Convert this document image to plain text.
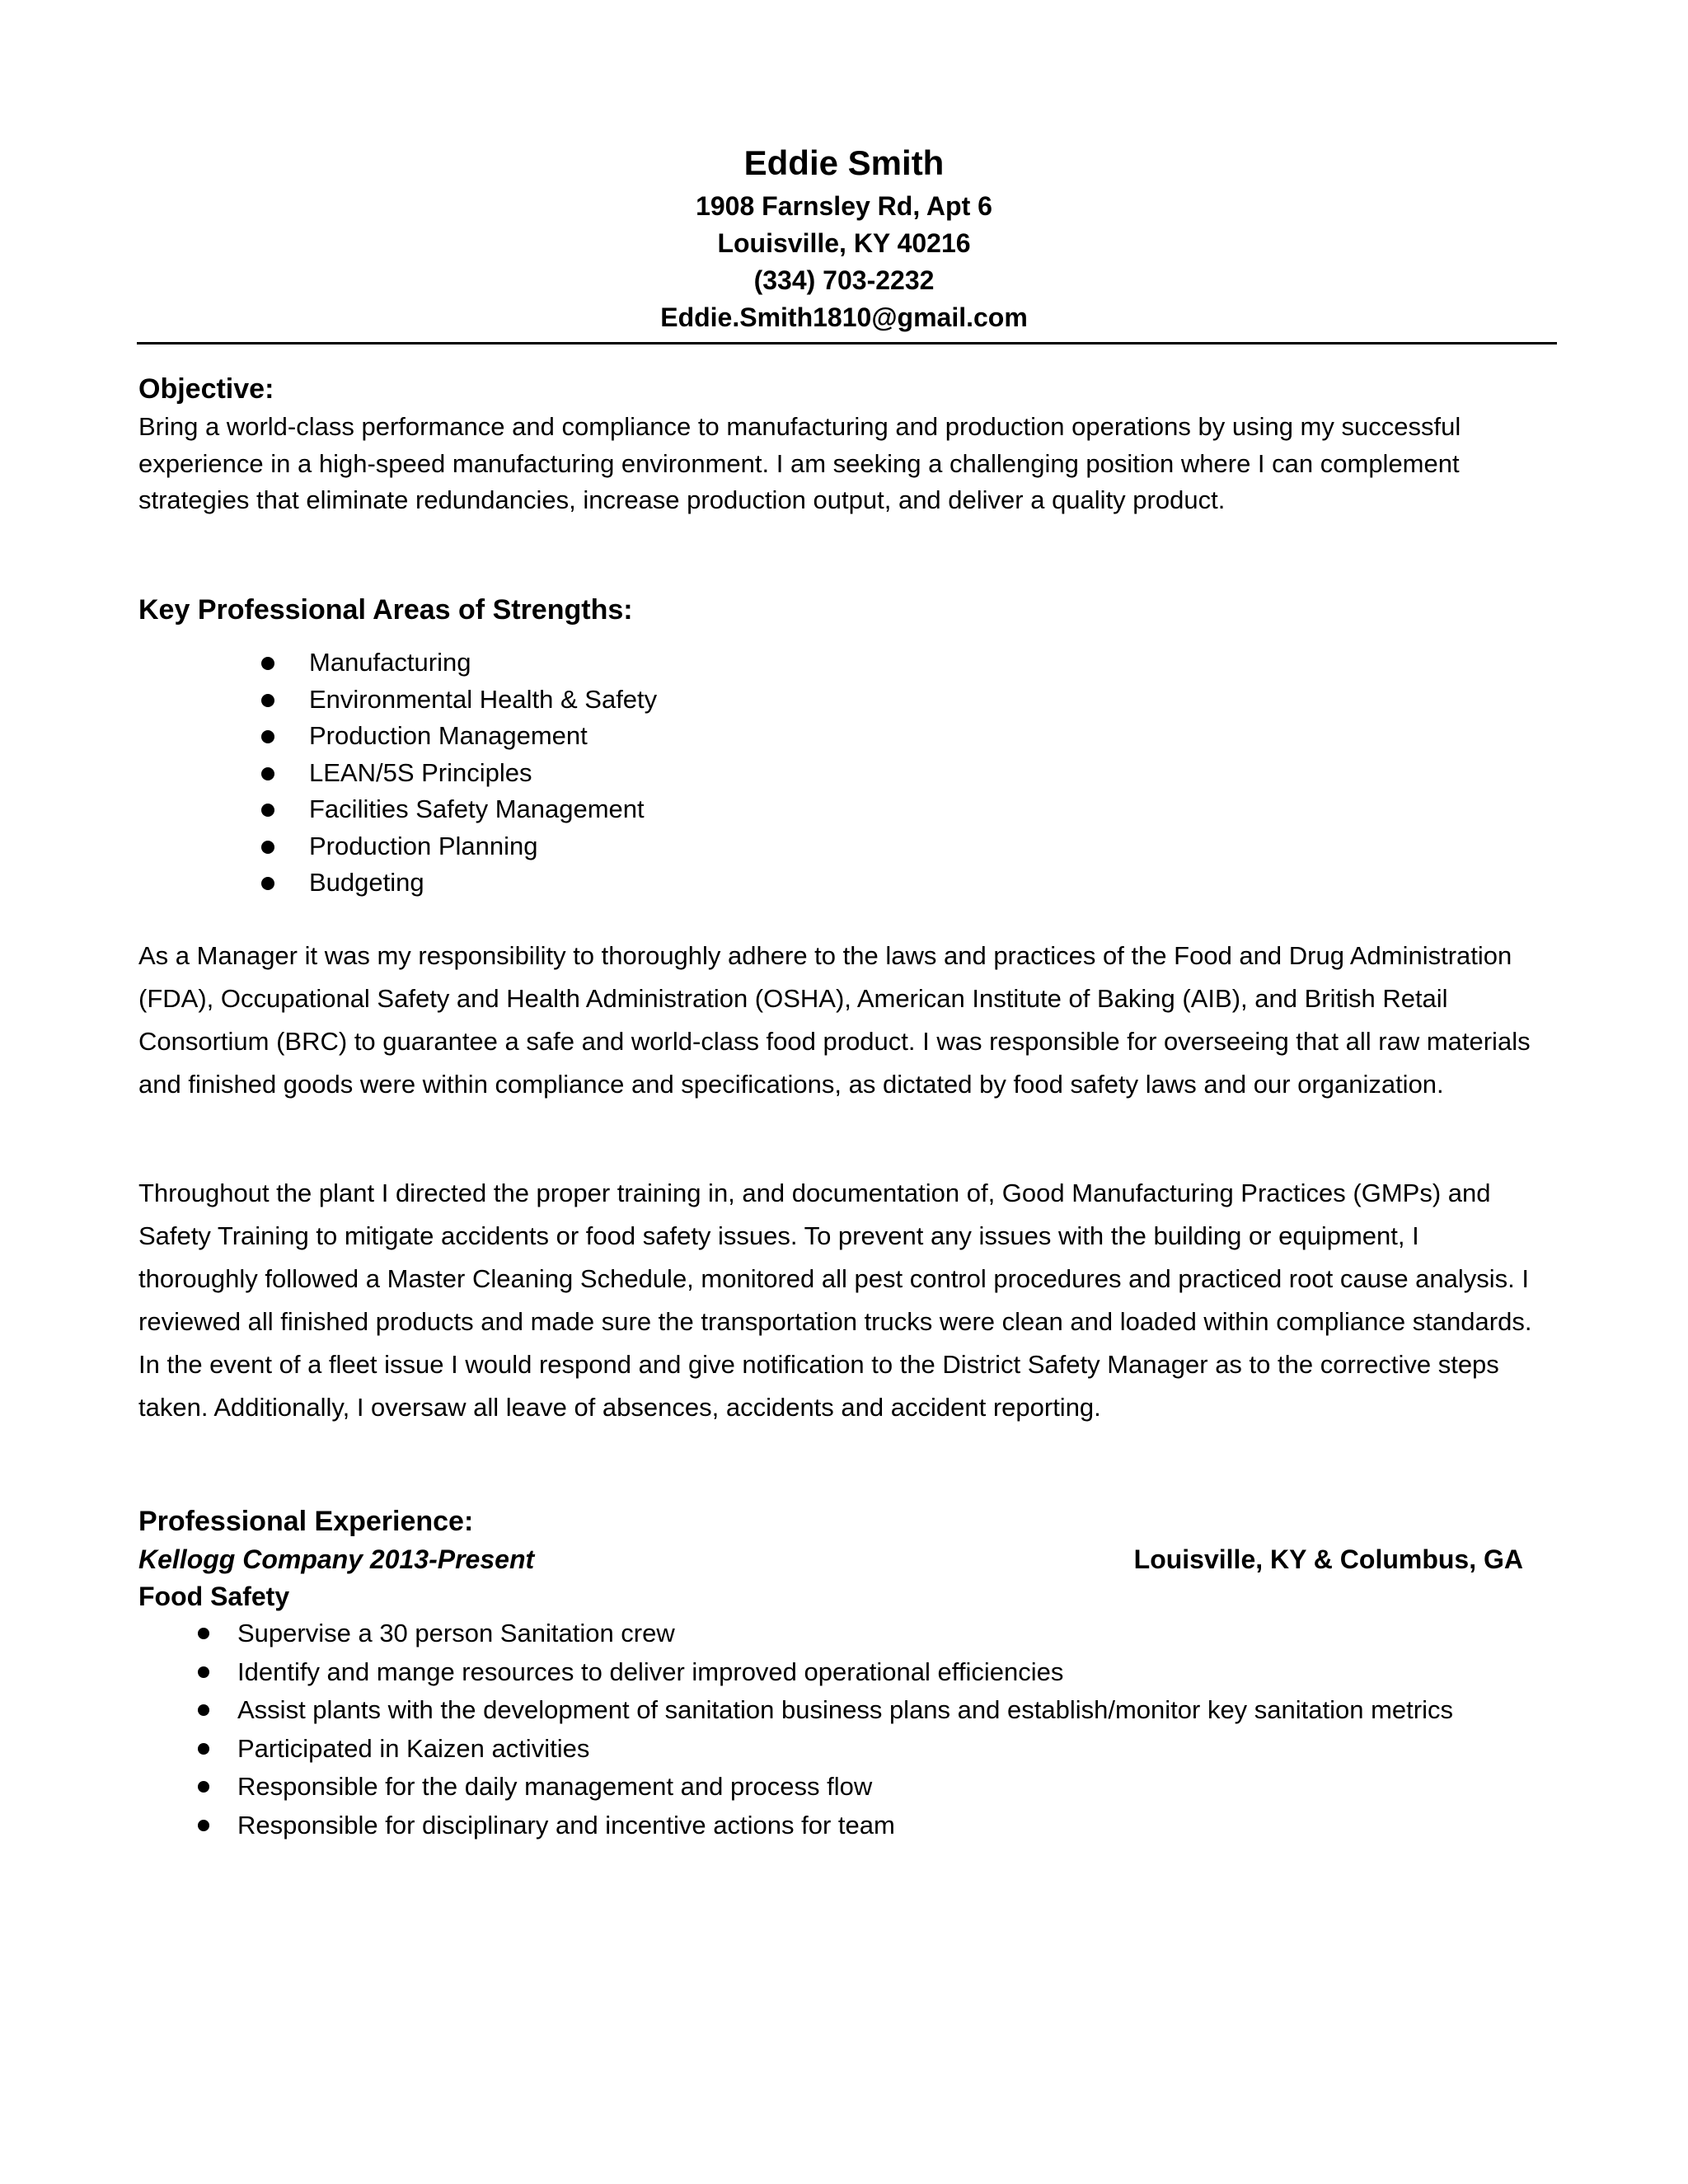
Eddie Smith
1908 Farnsley Rd, Apt 6
Louisville, KY 40216
(334) 703-2232
Eddie.Smith1810@gmail.com
Objective:

Bring a world-class performance and compliance to manufacturing and production operations by using my successful experience in a high-speed manufacturing environment. I am seeking a challenging position where I can complement strategies that eliminate redundancies, increase production output, and deliver a quality product.

Key Professional Areas of Strengths:
Manufacturing
Environmental Health & Safety
Production Management
LEAN/5S Principles
Facilities Safety Management
Production Planning
Budgeting

As a Manager it was my responsibility to thoroughly adhere to the laws and practices of the Food and Drug Administration (FDA), Occupational Safety and Health Administration (OSHA), American Institute of Baking (AIB), and British Retail Consortium (BRC) to guarantee a safe and world-class food product. I was responsible for overseeing that all raw materials and finished goods were within compliance and specifications, as dictated by food safety laws and our organization.

Throughout the plant I directed the proper training in, and documentation of, Good Manufacturing Practices (GMPs) and Safety Training to mitigate accidents or food safety issues. To prevent any issues with the building or equipment, I thoroughly followed a Master Cleaning Schedule, monitored all pest control procedures and practiced root cause analysis. I reviewed all finished products and made sure the transportation trucks were clean and loaded within compliance standards. In the event of a fleet issue I would respond and give notification to the District Safety Manager as to the corrective steps taken. Additionally, I oversaw all leave of absences, accidents and accident reporting.

Professional Experience:
Kellogg Company 2013-Present	Louisville, KY & Columbus, GA
Food Safety
Supervise a 30 person Sanitation crew
Identify and mange resources to deliver improved operational efficiencies
Assist plants with the development of sanitation business plans and establish/monitor key sanitation metrics
Participated in Kaizen activities
Responsible for the daily management and process flow
Responsible for disciplinary and incentive actions for team
